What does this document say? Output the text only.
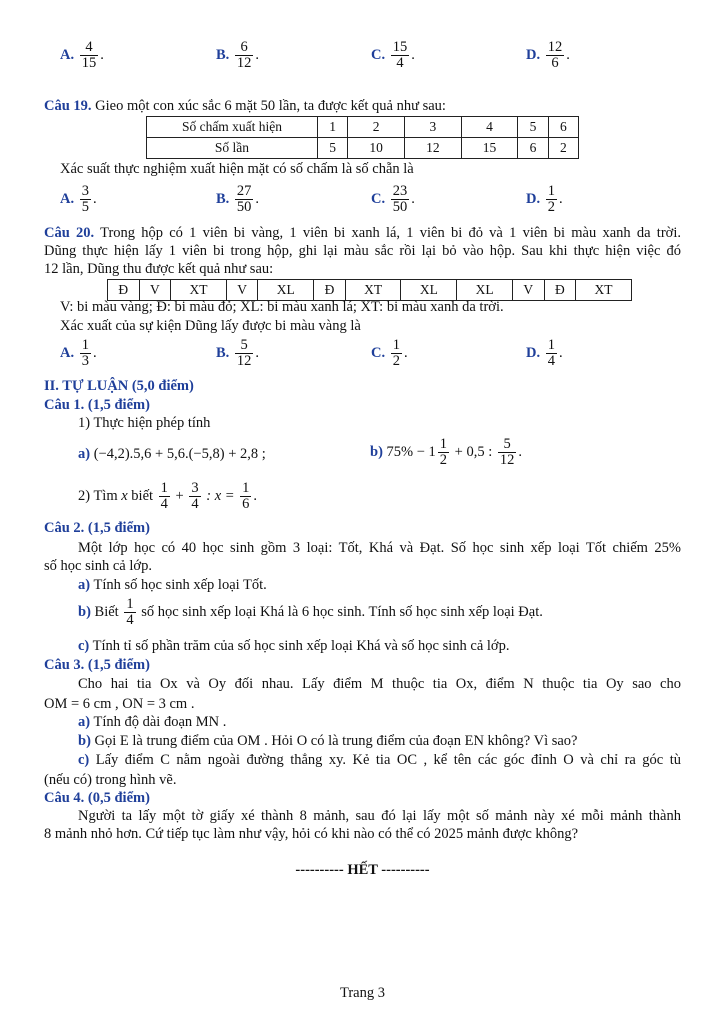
A. $\frac{4}{15}$ .	B. $\frac{6}{12}$ .	C. $\frac{15}{4}$ .	D. $\frac{12}{6}$ .
Câu 19. Gieo một con xúc sắc 6 mặt 50 lần, ta được kết quả như sau:
Số chấm xuất hiện	1	2	3	4	5	6
Số lần	5	10	12	15	6	2
Xác suất thực nghiệm xuất hiện mặt có số chấm là số chẵn là
A. $\frac{3}{5}$ .	B. $\frac{27}{50}$ .	C. $\frac{23}{50}$ .	D. $\frac{1}{2}$ .
Câu 20. Trong hộp có 1 viên bi vàng, 1 viên bi xanh lá, 1 viên bi đỏ và 1 viên bi màu xanh da trời.
Dũng thực hiện lấy 1 viên bi trong hộp, ghi lại màu sắc rồi lại bỏ vào hộp. Sau khi thực hiện việc đó
12 lần, Dũng thu được kết quả như sau:
Đ	V	XT	V	XL	Đ	XT	XL	XL	V	Đ	XT
V: bi màu vàng; Đ: bi màu đỏ; XL: bi màu xanh lá; XT: bi màu xanh da trời.
Xác xuất của sự kiện Dũng lấy được bi màu vàng là
A. $\frac{1}{3}$ .	B. $\frac{5}{12}$ .	C. $\frac{1}{2}$ .	D. $\frac{1}{4}$ .
II. TỰ LUẬN (5,0 điểm)
Câu 1. (1,5 điểm)
1) Thực hiện phép tính
a) (−4,2).5,6 + 5,6.(−5,8) + 2,8 ;	b) $75\% - 1 \frac{1}{2} + 0,5$ : $\frac{5}{12}$ .
2) Tìm x biết $\frac{1}{4} + \frac{3}{4}$ : $x = \frac{1}{6}$ .
Câu 2. (1,5 điểm)
Một lớp học có 40 học sinh gồm 3 loại: Tốt, Khá và Đạt. Số học sinh xếp loại Tốt chiếm 25%
số học sinh cả lớp.
a) Tính số học sinh xếp loại Tốt.
b) Biết $\frac{1}{4}$ số học sinh xếp loại Khá là 6 học sinh. Tính số học sinh xếp loại Đạt.
c) Tính tỉ số phần trăm của số học sinh xếp loại Khá và số học sinh cả lớp.
Câu 3. (1,5 điểm)
Cho hai tia Ox và Oy đối nhau. Lấy điểm M thuộc tia Ox, điểm N thuộc tia Oy sao cho
OM = 6 cm , ON = 3 cm .
a) Tính độ dài đoạn MN .
b) Gọi E là trung điểm của OM . Hỏi O có là trung điểm của đoạn EN không? Vì sao?
c) Lấy điểm C nằm ngoài đường thẳng xy. Kẻ tia OC , kể tên các góc đỉnh O và chỉ ra góc tù
(nếu có) trong hình vẽ.
Câu 4. (0,5 điểm)
Người ta lấy một tờ giấy xé thành 8 mảnh, sau đó lại lấy một số mảnh này xé mỗi mảnh thành
8 mảnh nhỏ hơn. Cứ tiếp tục làm như vậy, hỏi có khi nào có thể có 2025 mảnh được không?
---------- HẾT ----------
Trang 3
